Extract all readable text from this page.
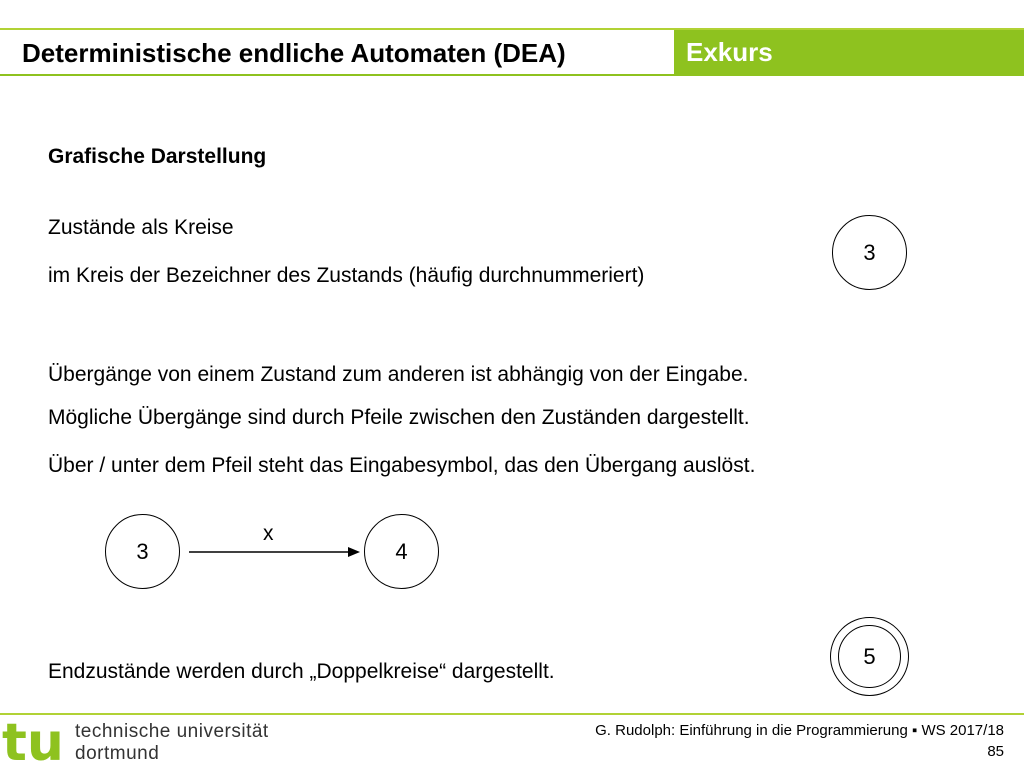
Deterministische endliche Automaten (DEA)	Exkurs
Grafische Darstellung
Zustände als Kreise
im Kreis der Bezeichner des Zustands (häufig durchnummeriert)
3
Übergänge von einem Zustand zum anderen ist abhängig von der Eingabe.
Mögliche Übergänge sind durch Pfeile zwischen den Zuständen dargestellt.
Über / unter dem Pfeil steht das Eingabesymbol, das den Übergang auslöst.
3
x
4
5
Endzustände werden durch „Doppelkreise“ dargestellt.
tu technische universität
dortmund
G. Rudolph: Einführung in die Programmierung ▪ WS 2017/18
85
